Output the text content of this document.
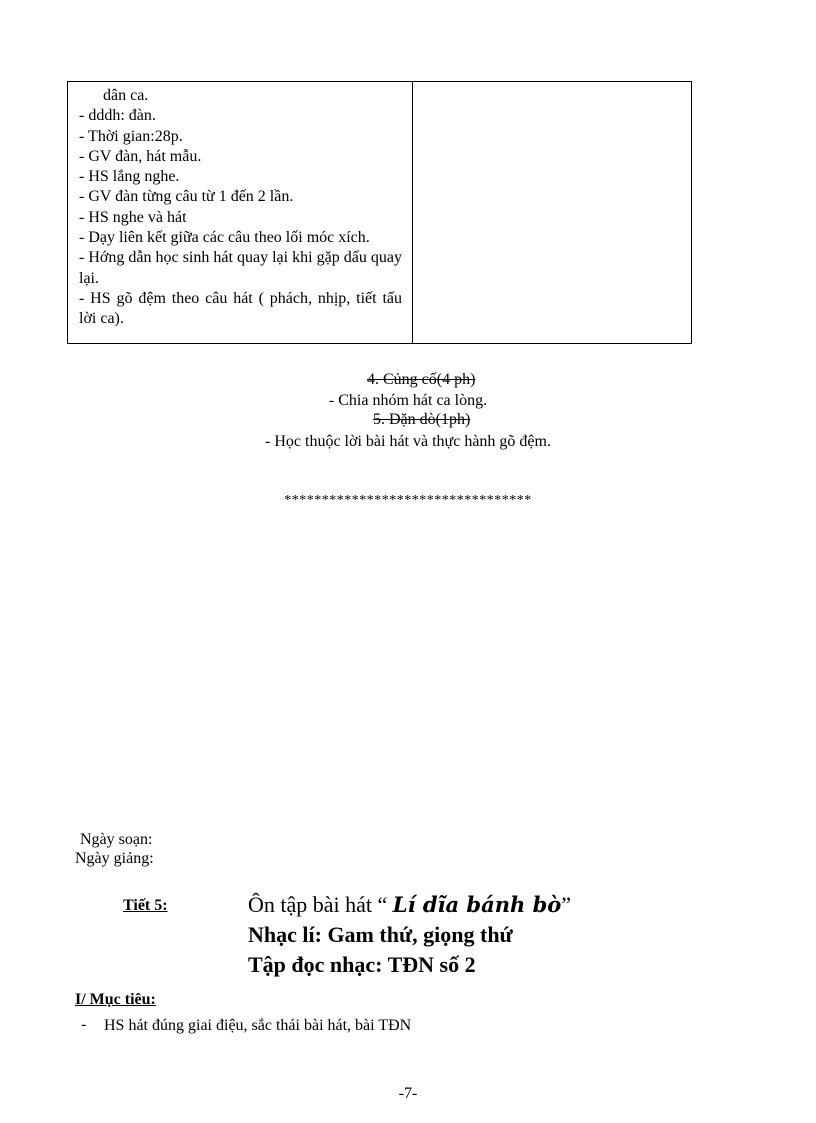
dân ca.

- dddh: đàn.

- Thời gian:28p.

- GV đàn, hát mẫu.

- HS lắng nghe.

- GV đàn từng câu từ 1 đến 2 lần.

- HS nghe và hát

- Dạy liên kết giữa các câu theo lối móc xích.

- Hớng dẫn học sinh hát quay lại khi gặp dấu quay lại.

- HS gõ đệm theo câu hát ( phách, nhịp, tiết tấu lời ca).

4. Củng cố(4 ph)
- Chia nhóm hát ca lòng.
5. Dặn dò(1ph)
- Học thuộc lời bài hát và thực hành gõ đệm.
*********************************
Ngày soạn:
Ngày giảng:
Tiết 5:	Ôn tập bài hát “ Lí dĩa bánh bò”
Nhạc lí: Gam thứ, giọng thứ
Tập đọc nhạc: TĐN số 2
I/ Mục tiêu:
- HS hát đúng giai điệu, sắc thái bài hát, bài TĐN
-7-
